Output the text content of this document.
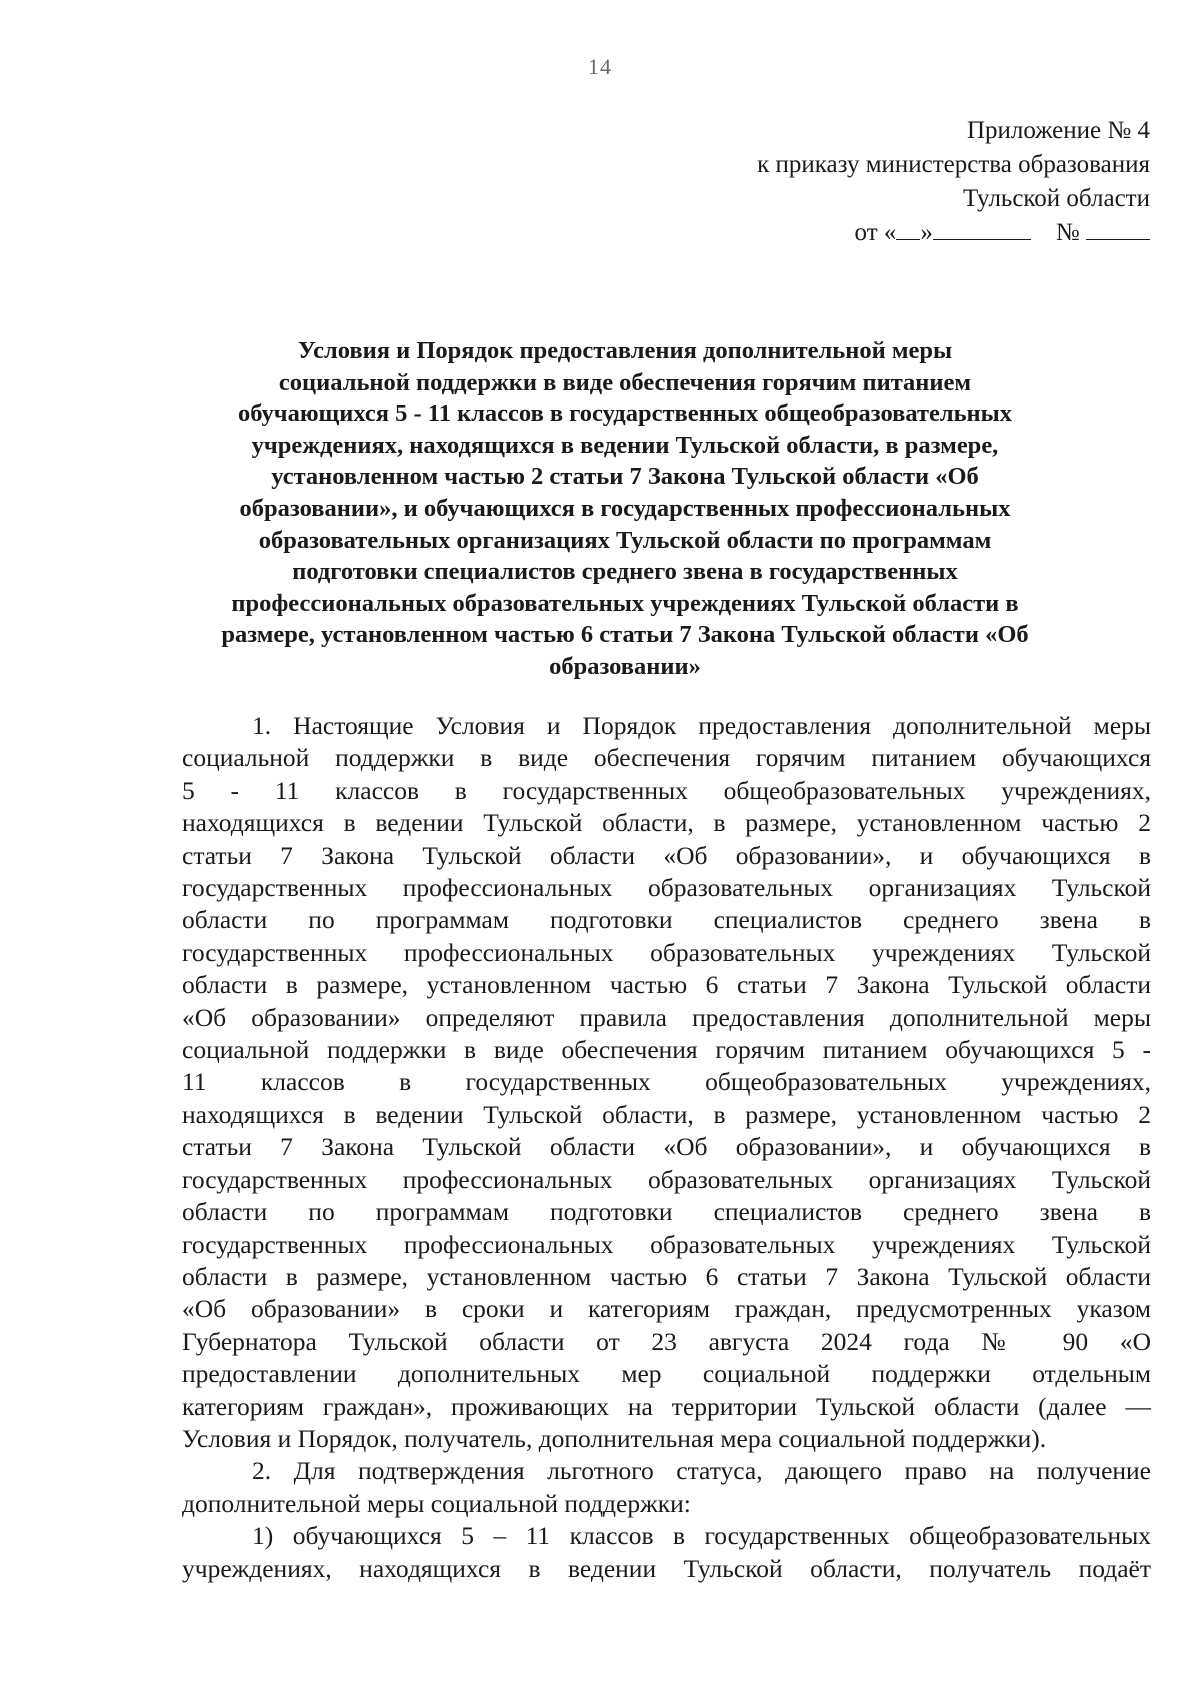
14
Приложение № 4
к приказу министерства образования
Тульской области
от « »	№
Условия и Порядок предоставления дополнительной меры
социальной поддержки в виде обеспечения горячим питанием
обучающихся 5 - 11 классов в государственных общеобразовательных
учреждениях, находящихся в ведении Тульской области, в размере,
установленном частью 2 статьи 7 Закона Тульской области «Об
образовании», и обучающихся в государственных профессиональных
образовательных организациях Тульской области по программам
подготовки специалистов среднего звена в государственных
профессиональных образовательных учреждениях Тульской области в
размере, установленном частью 6 статьи 7 Закона Тульской области «Об
образовании»
1. Настоящие Условия и Порядок предоставления дополнительной меры
социальной поддержки в виде обеспечения горячим питанием обучающихся
5 - 11 классов в государственных общеобразовательных учреждениях,
находящихся в ведении Тульской области, в размере, установленном частью 2
статьи 7 Закона Тульской области «Об образовании», и обучающихся в
государственных профессиональных образовательных организациях Тульской
области по программам подготовки специалистов среднего звена в
государственных профессиональных образовательных учреждениях Тульской
области в размере, установленном частью 6 статьи 7 Закона Тульской области
«Об образовании» определяют правила предоставления дополнительной меры
социальной поддержки в виде обеспечения горячим питанием обучающихся 5 -
11 классов в государственных общеобразовательных учреждениях,
находящихся в ведении Тульской области, в размере, установленном частью 2
статьи 7 Закона Тульской области «Об образовании», и обучающихся в
государственных профессиональных образовательных организациях Тульской
области по программам подготовки специалистов среднего звена в
государственных профессиональных образовательных учреждениях Тульской
области в размере, установленном частью 6 статьи 7 Закона Тульской области
«Об образовании» в сроки и категориям граждан, предусмотренных указом
Губернатора Тульской области от 23 августа 2024 года № 90 «О
предоставлении дополнительных мер социальной поддержки отдельным
категориям граждан», проживающих на территории Тульской области (далее —
Условия и Порядок, получатель, дополнительная мера социальной поддержки).
2. Для подтверждения льготного статуса, дающего право на получение
дополнительной меры социальной поддержки:
1) обучающихся 5 – 11 классов в государственных общеобразовательных
учреждениях, находящихся в ведении Тульской области, получатель подаёт
